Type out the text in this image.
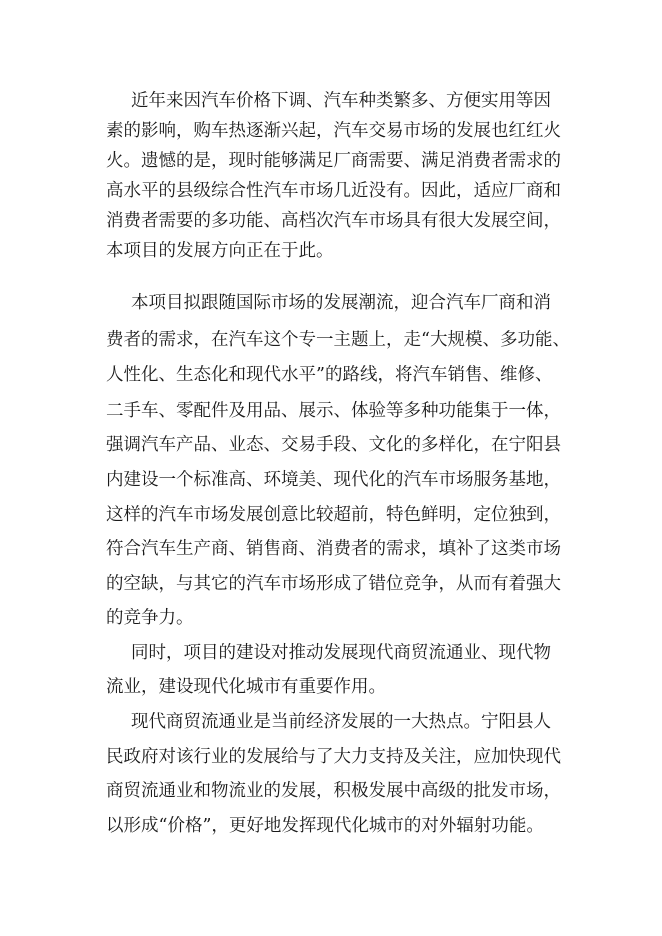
近年来因汽车价格下调、汽车种类繁多、方便实用等因

素的影响，购车热逐渐兴起，汽车交易市场的发展也红红火

火。遗憾的是，现时能够满足厂商需要、满足消费者需求的

高水平的县级综合性汽车市场几近没有。因此，适应厂商和

消费者需要的多功能、高档次汽车市场具有很大发展空间，

本项目的发展方向正在于此。

本项目拟跟随国际市场的发展潮流，迎合汽车厂商和消

费者的需求，在汽车这个专一主题上，走“大规模、多功能、

人性化、生态化和现代水平”的路线，将汽车销售、维修、

二手车、零配件及用品、展示、体验等多种功能集于一体，

强调汽车产品、业态、交易手段、文化的多样化，在宁阳县

内建设一个标准高、环境美、现代化的汽车市场服务基地，

这样的汽车市场发展创意比较超前，特色鲜明，定位独到，

符合汽车生产商、销售商、消费者的需求，填补了这类市场

的空缺，与其它的汽车市场形成了错位竞争，从而有着强大

的竞争力。

同时，项目的建设对推动发展现代商贸流通业、现代物

流业，建设现代化城市有重要作用。

现代商贸流通业是当前经济发展的一大热点。宁阳县人

民政府对该行业的发展给与了大力支持及关注，应加快现代

商贸流通业和物流业的发展，积极发展中高级的批发市场，

以形成“价格”，更好地发挥现代化城市的对外辐射功能。
